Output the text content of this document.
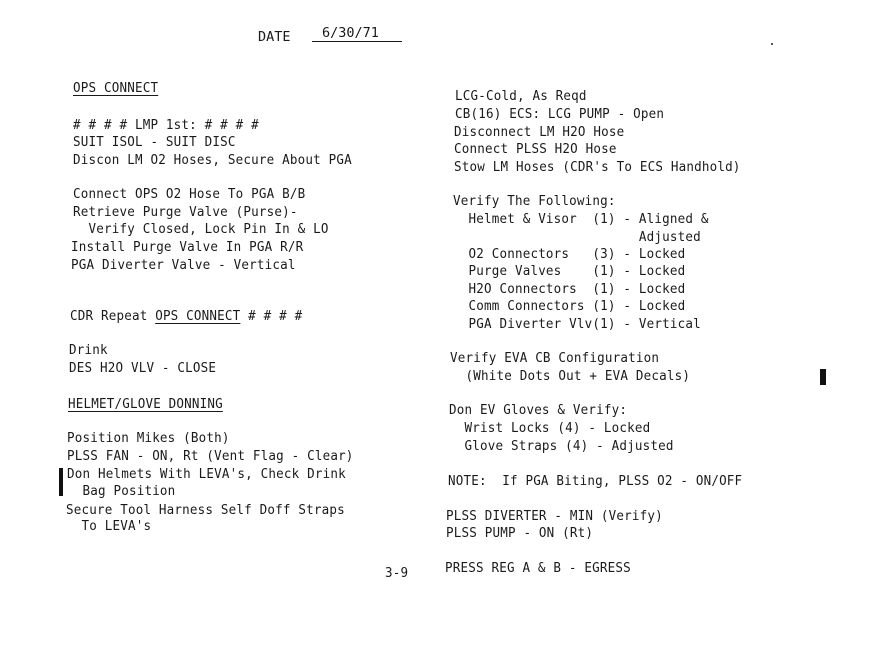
DATE	6/30/71
OPS CONNECT
# # # # LMP 1st: # # # #
SUIT ISOL - SUIT DISC
Discon LM O2 Hoses, Secure About PGA
Connect OPS O2 Hose To PGA B/B
Retrieve Purge Valve (Purse)-
Verify Closed, Lock Pin In & LO
Install Purge Valve In PGA R/R
PGA Diverter Valve - Vertical
CDR Repeat OPS CONNECT # # # #
Drink
DES H2O VLV - CLOSE
HELMET/GLOVE DONNING
Position Mikes (Both)
PLSS FAN - ON, Rt (Vent Flag - Clear)
Don Helmets With LEVA's, Check Drink
Bag Position
Secure Tool Harness Self Doff Straps
To LEVA's
3-9
LCG-Cold, As Reqd
CB(16) ECS: LCG PUMP - Open
Disconnect LM H2O Hose
Connect PLSS H2O Hose
Stow LM Hoses (CDR's To ECS Handhold)
Verify The Following:
Helmet & Visor  (1) - Aligned &
Adjusted
O2 Connectors   (3) - Locked
Purge Valves    (1) - Locked
H2O Connectors  (1) - Locked
Comm Connectors (1) - Locked
PGA Diverter Vlv(1) - Vertical
Verify EVA CB Configuration
(White Dots Out + EVA Decals)
Don EV Gloves & Verify:
Wrist Locks (4) - Locked
Glove Straps (4) - Adjusted
NOTE:  If PGA Biting, PLSS O2 - ON/OFF
PLSS DIVERTER - MIN (Verify)
PLSS PUMP - ON (Rt)
PRESS REG A & B - EGRESS
